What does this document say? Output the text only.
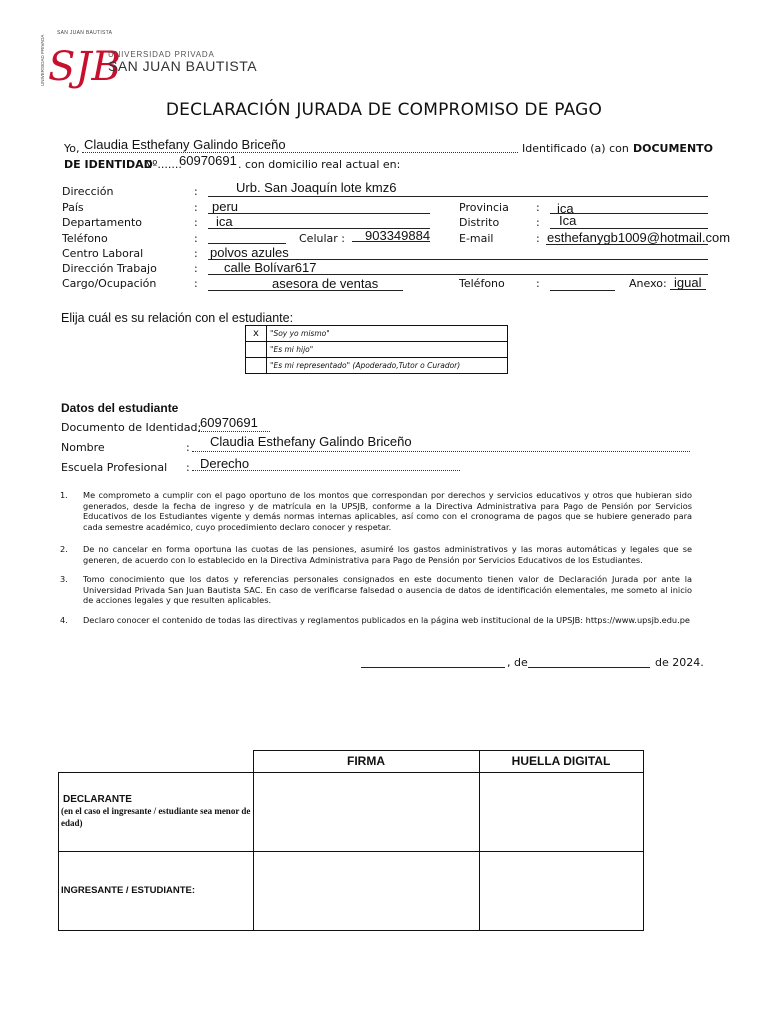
SJB
SAN JUAN BAUTISTA
UNIVERSIDAD PRIVADA	UNIVERSIDAD PRIVADA
SAN JUAN BAUTISTA
DECLARACIÓN JURADA DE COMPROMISO DE PAGO
Yo, Claudia Esthefany Galindo Briceño	Identificado (a) con DOCUMENTO
DE IDENTIDAD
Nº.......
60970691 . con domicilio real actual en:
Dirección	:	Urb. San Joaquín lote kmz6
País	: peru	Provincia : ica
Departamento	: ica	Distrito	: Ica
Teléfono	:	Celular : 903349884	E-mail	: esthefanygb1009@hotmail.com
Centro Laboral	: polvos azules
Dirección Trabajo	: calle Bolívar617
Cargo/Ocupación	:	asesora de ventas	Teléfono	:	Anexo: igual
Elija cuál es su relación con el estudiante:
x	"Soy yo mismo"
	"Es mi hijo"
	"Es mi representado" (Apoderado,Tutor o Curador)
Datos del estudiante
Documento de Identidad:
60970691
Nombre	: Claudia Esthefany Galindo Briceño
Escuela Profesional : Derecho
1. Me comprometo a cumplir con el pago oportuno de los montos que correspondan por derechos y servicios educativos y otros que hubieran sido generados, desde la fecha de ingreso y de matrícula en la UPSJB, conforme a la Directiva Administrativa para Pago de Pensión por Servicios Educativos de los Estudiantes vigente y demás normas internas aplicables, así como con el cronograma de pagos que se hubiere generado para cada semestre académico, cuyo procedimiento declaro conocer y respetar.
2. De no cancelar en forma oportuna las cuotas de las pensiones, asumiré los gastos administrativos y las moras automáticas y legales que se generen, de acuerdo con lo establecido en la Directiva Administrativa para Pago de Pensión por Servicios Educativos de los Estudiantes.
3. Tomo conocimiento que los datos y referencias personales consignados en este documento tienen valor de Declaración Jurada por ante la Universidad Privada San Juan Bautista SAC. En caso de verificarse falsedad o ausencia de datos de identificación elementales, me someto al inicio de acciones legales y que resulten aplicables.
4. Declaro conocer el contenido de todas las directivas y reglamentos publicados en la página web institucional de la UPSJB: https://www.upsjb.edu.pe
, de	de 2024.
	FIRMA	HUELLA DIGITAL

DECLARANTE
(en el caso el ingresante / estudiante sea menor de edad)		

INGRESANTE / ESTUDIANTE:		
